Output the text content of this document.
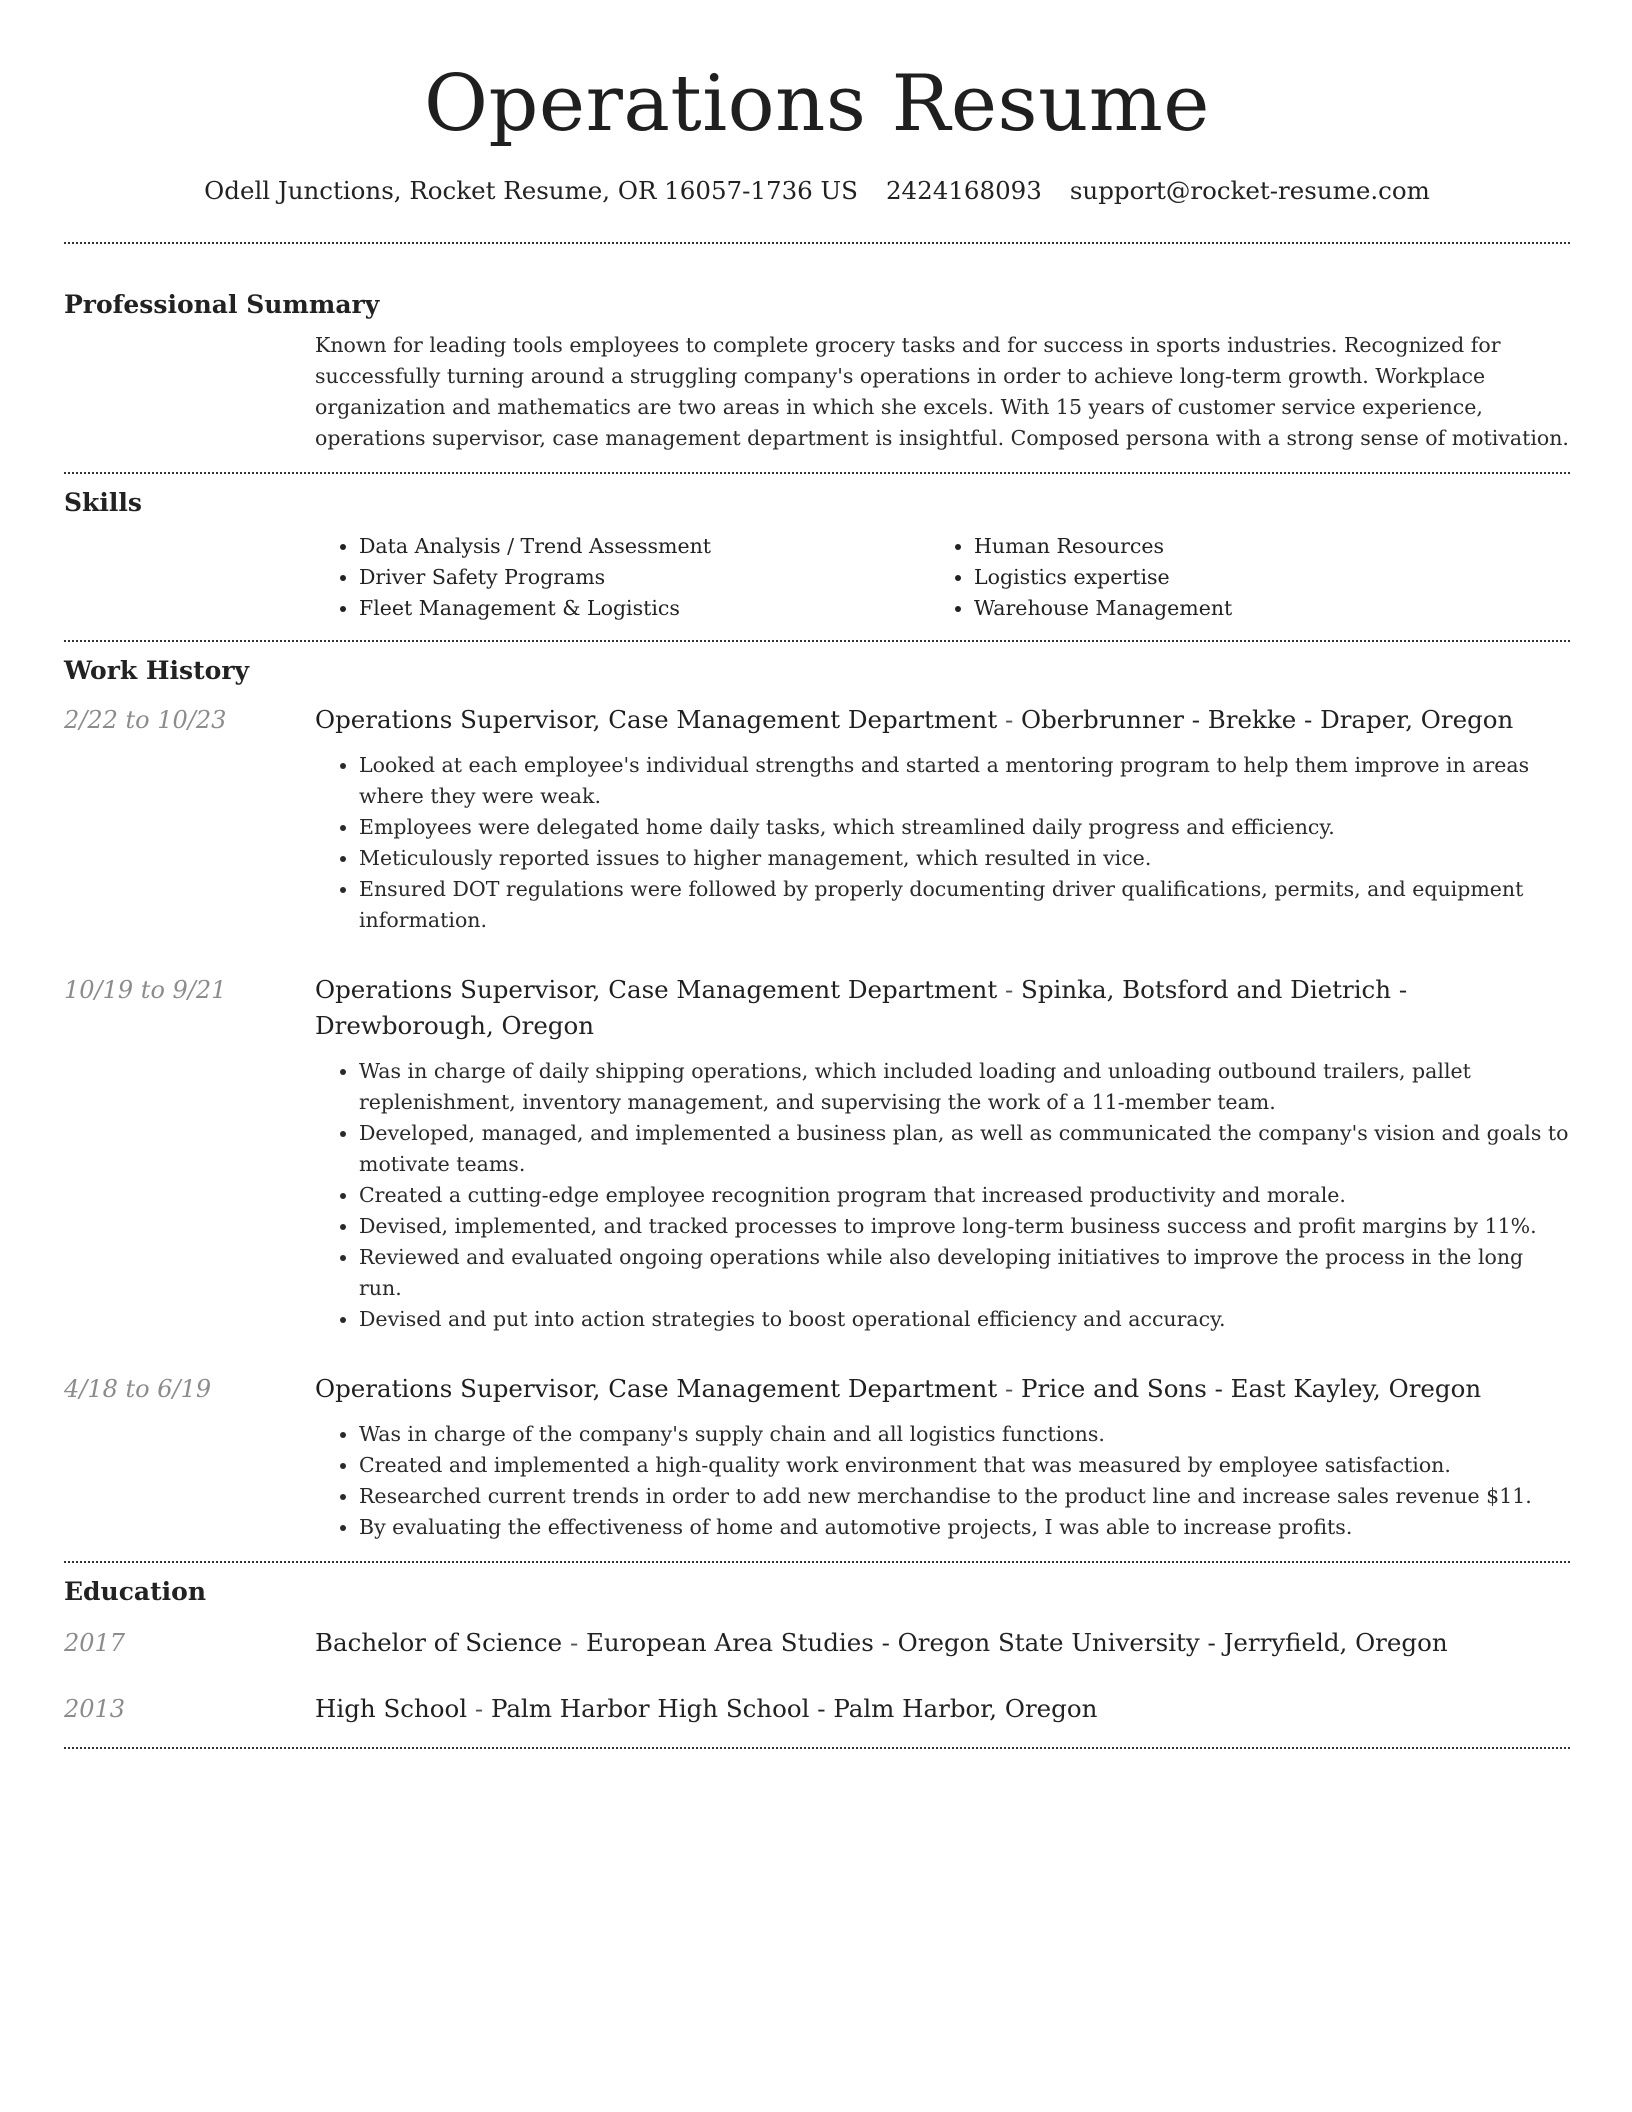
Operations Resume
Odell Junctions, Rocket Resume, OR 16057-1736 US 2424168093 support@rocket-resume.com
Professional Summary

Known for leading tools employees to complete grocery tasks and for success in sports industries. Recognized for successfully turning around a struggling company's operations in order to achieve long-term growth. Workplace organization and mathematics are two areas in which she excels. With 15 years of customer service experience, operations supervisor, case management department is insightful. Composed persona with a strong sense of motivation.

Skills
• Data Analysis / Trend Assessment
• Driver Safety Programs
• Fleet Management & Logistics
• Human Resources
• Logistics expertise
• Warehouse Management
Work History
2/22 to 10/23	Operations Supervisor, Case Management Department - Oberbrunner - Brekke - Draper, Oregon
• Looked at each employee's individual strengths and started a mentoring program to help them improve in areas where they were weak.
• Employees were delegated home daily tasks, which streamlined daily progress and efficiency.
• Meticulously reported issues to higher management, which resulted in vice.
• Ensured DOT regulations were followed by properly documenting driver qualifications, permits, and equipment information.
10/19 to 9/21	Operations Supervisor, Case Management Department - Spinka, Botsford and Dietrich - Drewborough, Oregon
• Was in charge of daily shipping operations, which included loading and unloading outbound trailers, pallet replenishment, inventory management, and supervising the work of a 11-member team.
• Developed, managed, and implemented a business plan, as well as communicated the company's vision and goals to motivate teams.
• Created a cutting-edge employee recognition program that increased productivity and morale.
• Devised, implemented, and tracked processes to improve long-term business success and profit margins by 11%.
• Reviewed and evaluated ongoing operations while also developing initiatives to improve the process in the long run.
• Devised and put into action strategies to boost operational efficiency and accuracy.
4/18 to 6/19	Operations Supervisor, Case Management Department - Price and Sons - East Kayley, Oregon
• Was in charge of the company's supply chain and all logistics functions.
• Created and implemented a high-quality work environment that was measured by employee satisfaction.
• Researched current trends in order to add new merchandise to the product line and increase sales revenue $11.
• By evaluating the effectiveness of home and automotive projects, I was able to increase profits.
Education
2017	Bachelor of Science - European Area Studies - Oregon State University - Jerryfield, Oregon
2013	High School - Palm Harbor High School - Palm Harbor, Oregon
